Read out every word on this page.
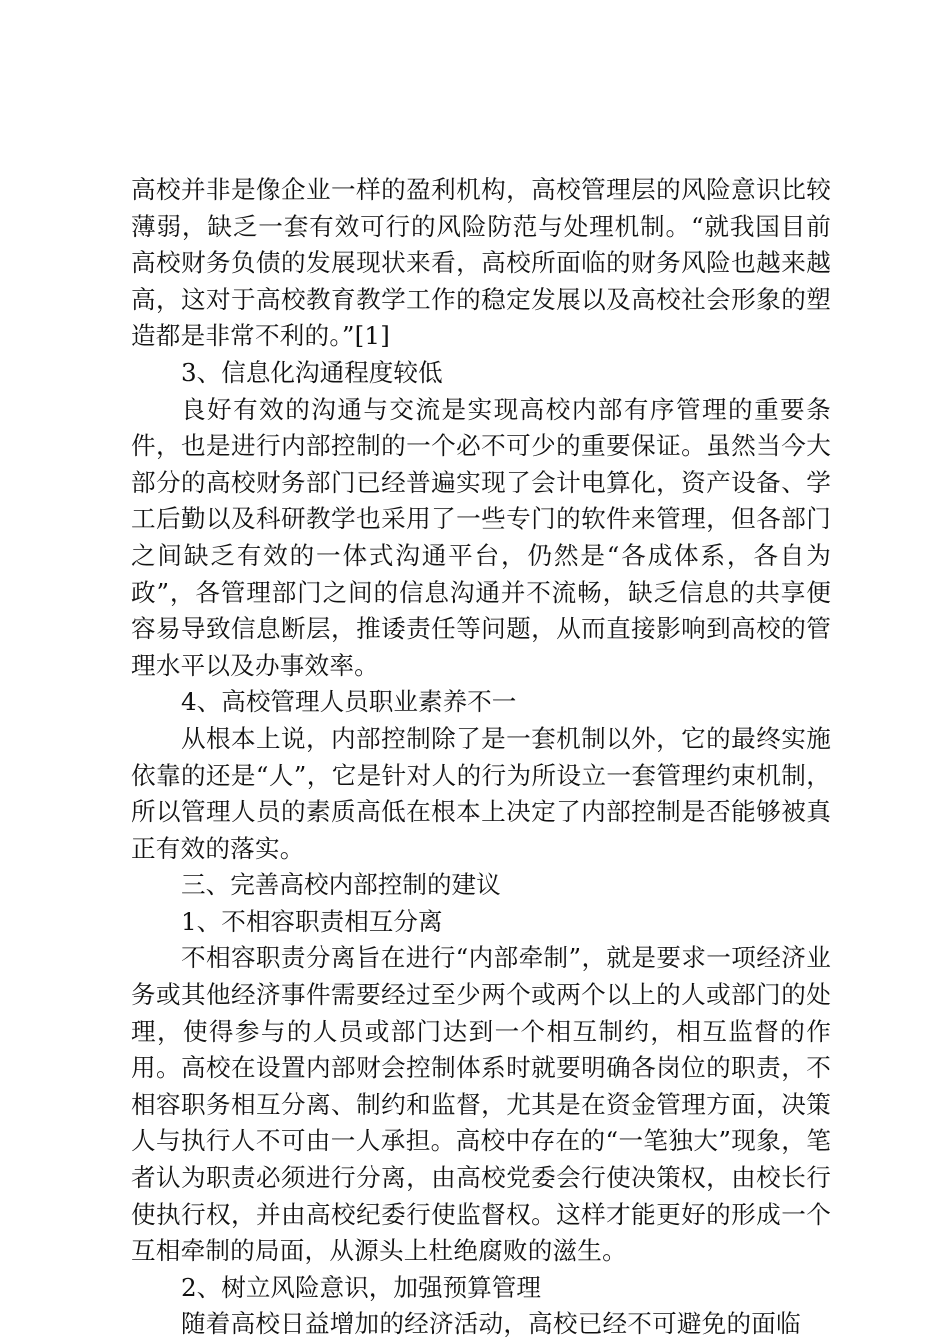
高校并非是像企业一样的盈利机构，高校管理层的风险意识比较薄弱，缺乏一套有效可行的风险防范与处理机制。“就我国目前高校财务负债的发展现状来看，高校所面临的财务风险也越来越高，这对于高校教育教学工作的稳定发展以及高校社会形象的塑造都是非常不利的。”[1]

3、信息化沟通程度较低

良好有效的沟通与交流是实现高校内部有序管理的重要条件，也是进行内部控制的一个必不可少的重要保证。虽然当今大部分的高校财务部门已经普遍实现了会计电算化，资产设备、学工后勤以及科研教学也采用了一些专门的软件来管理，但各部门之间缺乏有效的一体式沟通平台，仍然是“各成体系，各自为政”，各管理部门之间的信息沟通并不流畅，缺乏信息的共享便容易导致信息断层，推诿责任等问题，从而直接影响到高校的管理水平以及办事效率。

4、高校管理人员职业素养不一

从根本上说，内部控制除了是一套机制以外，它的最终实施依靠的还是“人”，它是针对人的行为所设立一套管理约束机制，所以管理人员的素质高低在根本上决定了内部控制是否能够被真正有效的落实。

三、完善高校内部控制的建议

1、不相容职责相互分离

不相容职责分离旨在进行“内部牵制”，就是要求一项经济业务或其他经济事件需要经过至少两个或两个以上的人或部门的处理，使得参与的人员或部门达到一个相互制约，相互监督的作用。高校在设置内部财会控制体系时就要明确各岗位的职责，不相容职务相互分离、制约和监督，尤其是在资金管理方面，决策人与执行人不可由一人承担。高校中存在的“一笔独大”现象，笔者认为职责必须进行分离，由高校党委会行使决策权，由校长行使执行权，并由高校纪委行使监督权。这样才能更好的形成一个互相牵制的局面，从源头上杜绝腐败的滋生。

2、树立风险意识，加强预算管理

随着高校日益增加的经济活动，高校已经不可避免的面临
